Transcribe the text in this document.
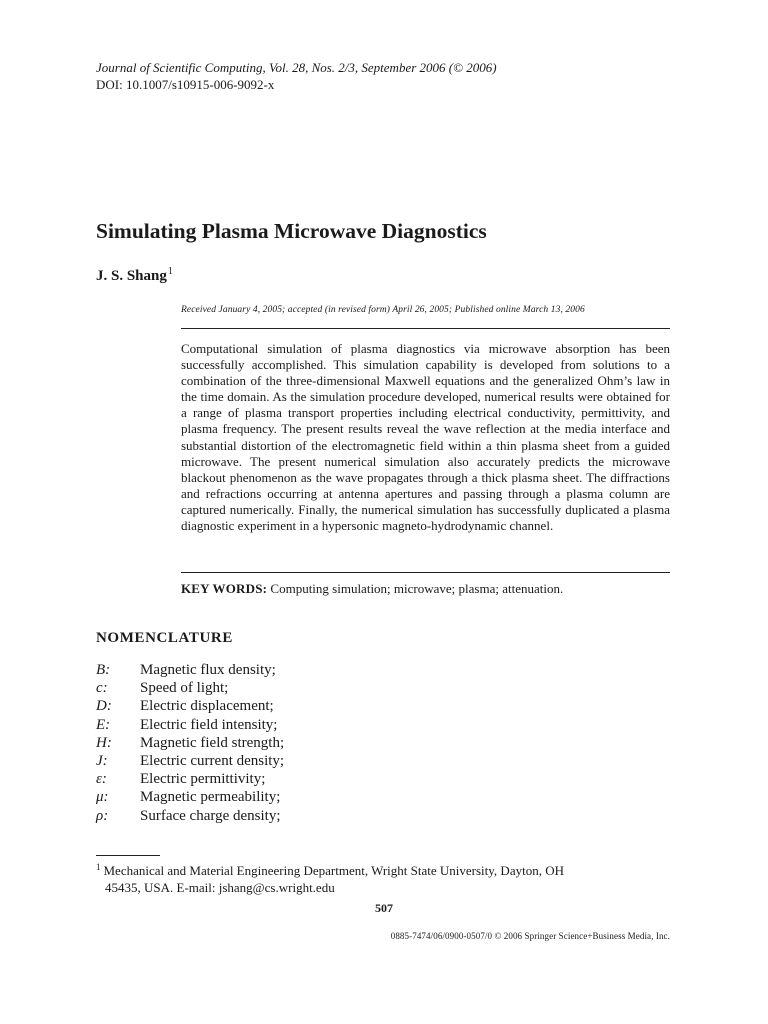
Journal of Scientific Computing, Vol. 28, Nos. 2/3, September 2006 (© 2006)
DOI: 10.1007/s10915-006-9092-x
Simulating Plasma Microwave Diagnostics
J. S. Shang$^1$
Received January 4, 2005; accepted (in revised form) April 26, 2005; Published online March 13, 2006
Computational simulation of plasma diagnostics via microwave absorption has been successfully accomplished. This simulation capability is developed from solutions to a combination of the three-dimensional Maxwell equations and the generalized Ohm’s law in the time domain. As the simulation procedure developed, numerical results were obtained for a range of plasma transport properties including electrical conductivity, permittivity, and plasma frequency. The present results reveal the wave reflection at the media interface and substantial distortion of the electromagnetic field within a thin plasma sheet from a guided microwave. The present numerical simulation also accurately predicts the microwave blackout phenomenon as the wave propagates through a thick plasma sheet. The diffractions and refractions occurring at antenna apertures and passing through a plasma column are captured numerically. Finally, the numerical simulation has successfully duplicated a plasma diagnostic experiment in a hypersonic magneto-hydrodynamic channel.
KEY WORDS: Computing simulation; microwave; plasma; attenuation.
NOMENCLATURE
B:	Magnetic flux density;
c:	Speed of light;
D:	Electric displacement;
E:	Electric field intensity;
H:	Magnetic field strength;
J:	Electric current density;
ε:	Electric permittivity;
μ:	Magnetic permeability;
ρ:	Surface charge density;
$^1$ Mechanical and Material Engineering Department, Wright State University, Dayton, OH
45435, USA. E-mail: jshang@cs.wright.edu
507
0885-7474/06/0900-0507/0 © 2006 Springer Science+Business Media, Inc.
